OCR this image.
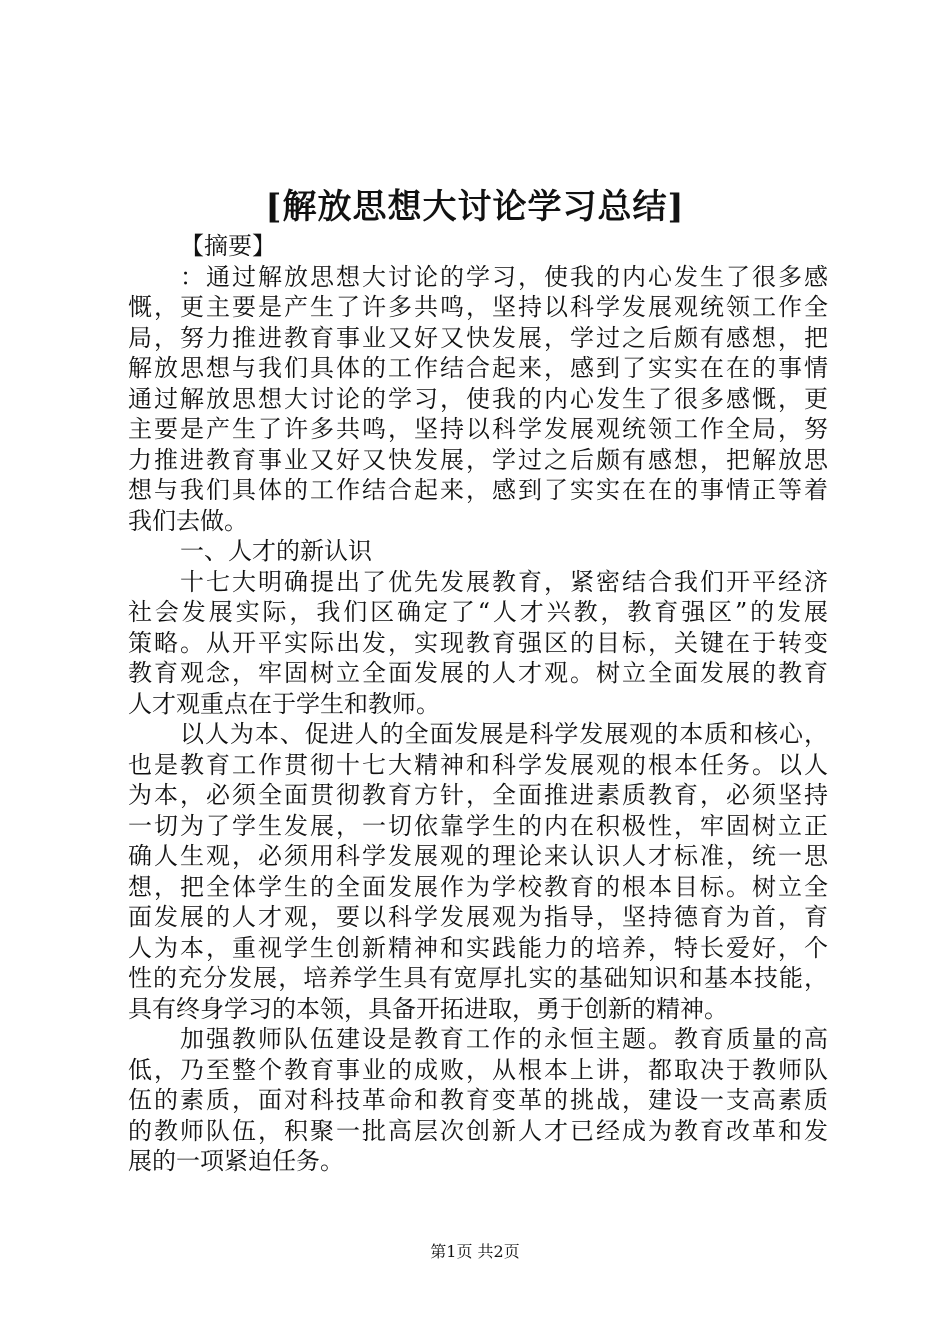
[解放思想大讨论学习总结]
【摘要】
：通过解放思想大讨论的学习，使我的内心发生了很多感
慨，更主要是产生了许多共鸣，坚持以科学发展观统领工作全
局，努力推进教育事业又好又快发展，学过之后颇有感想，把
解放思想与我们具体的工作结合起来，感到了实实在在的事情
通过解放思想大讨论的学习，使我的内心发生了很多感慨，更
主要是产生了许多共鸣，坚持以科学发展观统领工作全局，努
力推进教育事业又好又快发展，学过之后颇有感想，把解放思
想与我们具体的工作结合起来，感到了实实在在的事情正等着
我们去做。
一、人才的新认识
十七大明确提出了优先发展教育，紧密结合我们开平经济
社会发展实际，我们区确定了“人才兴教，教育强区”的发展
策略。从开平实际出发，实现教育强区的目标，关键在于转变
教育观念，牢固树立全面发展的人才观。树立全面发展的教育
人才观重点在于学生和教师。
以人为本、促进人的全面发展是科学发展观的本质和核心，
也是教育工作贯彻十七大精神和科学发展观的根本任务。以人
为本，必须全面贯彻教育方针，全面推进素质教育，必须坚持
一切为了学生发展，一切依靠学生的内在积极性，牢固树立正
确人生观，必须用科学发展观的理论来认识人才标准，统一思
想，把全体学生的全面发展作为学校教育的根本目标。树立全
面发展的人才观，要以科学发展观为指导，坚持德育为首，育
人为本，重视学生创新精神和实践能力的培养，特长爱好，个
性的充分发展，培养学生具有宽厚扎实的基础知识和基本技能，
具有终身学习的本领，具备开拓进取，勇于创新的精神。
加强教师队伍建设是教育工作的永恒主题。教育质量的高
低，乃至整个教育事业的成败，从根本上讲，都取决于教师队
伍的素质，面对科技革命和教育变革的挑战，建设一支高素质
的教师队伍，积聚一批高层次创新人才已经成为教育改革和发
展的一项紧迫任务。
第1页 共2页
